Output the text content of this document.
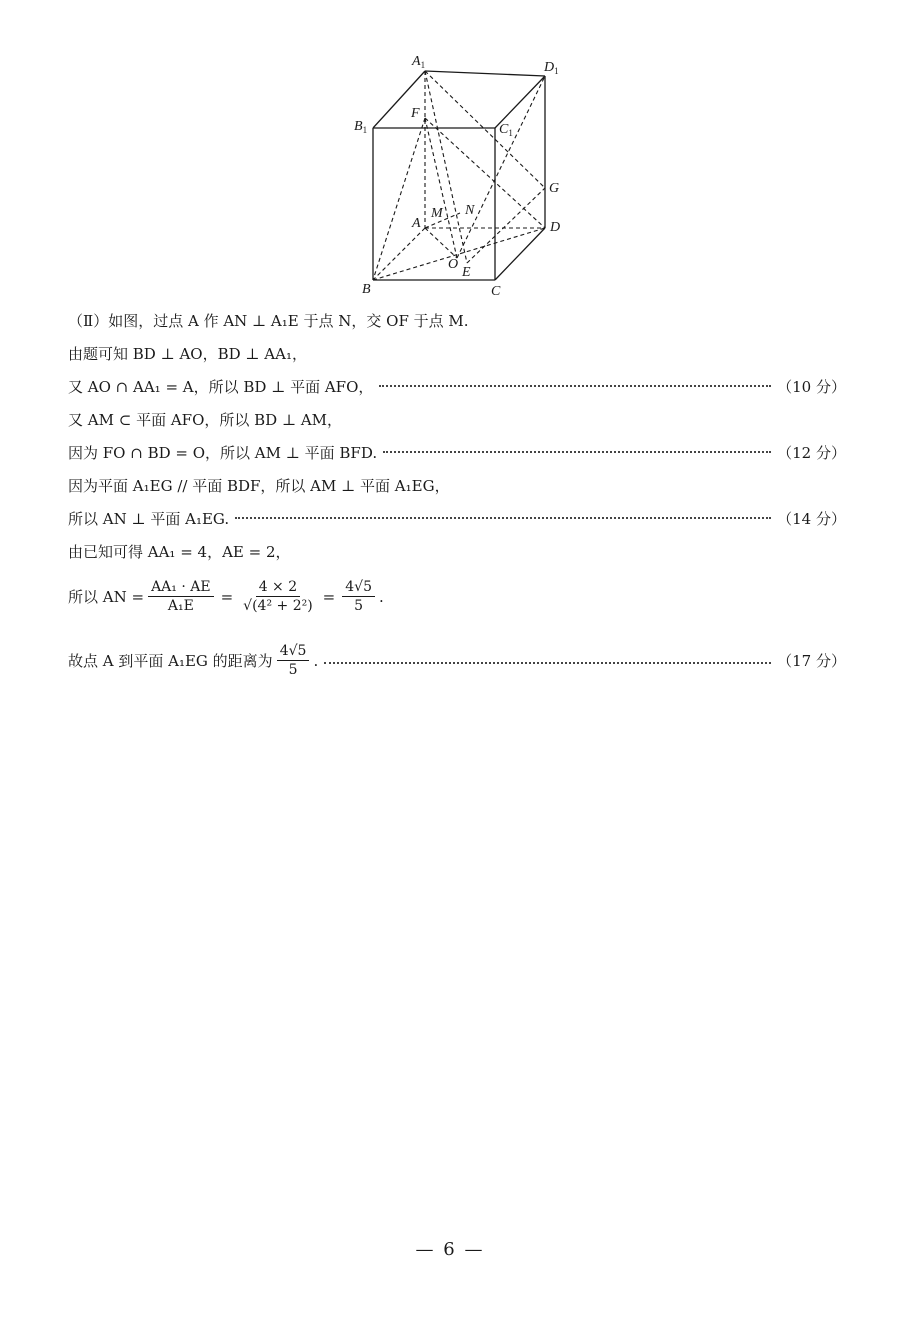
$A_1$	$D_1$
$B_1$	$C_1$
F
G
A
M N
D
O
E
B	C
（Ⅱ）如图，过点 A 作 AN ⊥ A₁E 于点 N，交 OF 于点 M.
由题可知 BD ⊥ AO，BD ⊥ AA₁，
又 AO ∩ AA₁ = A，所以 BD ⊥ 平面 AFO，	（10 分）
又 AM ⊂ 平面 AFO，所以 BD ⊥ AM，
因为 FO ∩ BD = O，所以 AM ⊥ 平面 BFD.	（12 分）
因为平面 A₁EG // 平面 BDF，所以 AM ⊥ 平面 A₁EG，
所以 AN ⊥ 平面 A₁EG.	（14 分）
由已知可得 AA₁ = 4，AE = 2，
所以 AN = $\frac{\text{AA₁ · AE}}{\text{A₁E}} = \frac{4 \times 2}{\text{√(4² + 2²)}} = \frac{4√5}{5}$ .
故点 A 到平面 A₁EG 的距离为 $\frac{4√5}{5}$ .	（17 分）
— 6 —
